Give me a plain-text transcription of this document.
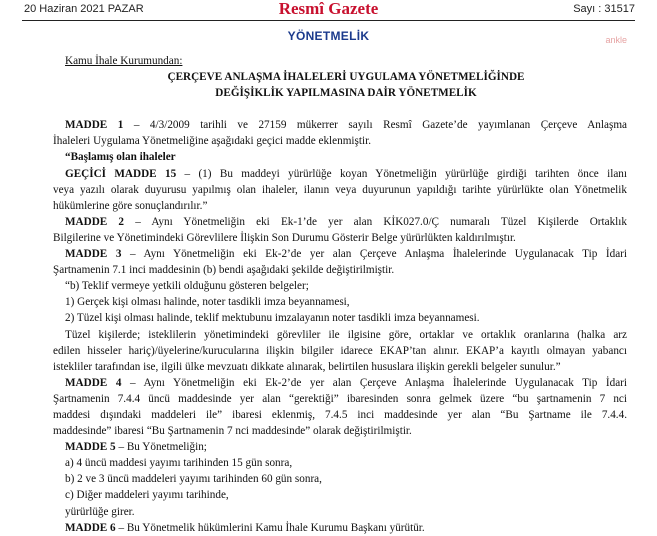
20 Haziran 2021 PAZAR	Resmî Gazete	Sayı : 31517
YÖNETMELİK	ankle

Kamu İhale Kurumundan:

ÇERÇEVE ANLAŞMA İHALELERİ UYGULAMA YÖNETMELİĞİNDE

DEĞİŞİKLİK YAPILMASINA DAİR YÖNETMELİK

MADDE 1 – 4/3/2009 tarihli ve 27159 mükerrer sayılı Resmî Gazete’de yayımlanan Çerçeve Anlaşma

İhaleleri Uygulama Yönetmeliğine aşağıdaki geçici madde eklenmiştir.

“Başlamış olan ihaleler

GEÇİCİ MADDE 15 – (1) Bu maddeyi yürürlüğe koyan Yönetmeliğin yürürlüğe girdiği tarihten önce ilanı

veya yazılı olarak duyurusu yapılmış olan ihaleler, ilanın veya duyurunun yapıldığı tarihte yürürlükte olan Yönetmelik

hükümlerine göre sonuçlandırılır.”

MADDE 2 – Aynı Yönetmeliğin eki Ek-1’de yer alan KİK027.0/Ç numaralı Tüzel Kişilerde Ortaklık

Bilgilerine ve Yönetimindeki Görevlilere İlişkin Son Durumu Gösterir Belge yürürlükten kaldırılmıştır.

MADDE 3 – Aynı Yönetmeliğin eki Ek-2’de yer alan Çerçeve Anlaşma İhalelerinde Uygulanacak Tip İdari

Şartnamenin 7.1 inci maddesinin (b) bendi aşağıdaki şekilde değiştirilmiştir.

“b) Teklif vermeye yetkili olduğunu gösteren belgeler;

1) Gerçek kişi olması halinde, noter tasdikli imza beyannamesi,

2) Tüzel kişi olması halinde, teklif mektubunu imzalayanın noter tasdikli imza beyannamesi.

Tüzel kişilerde; isteklilerin yönetimindeki görevliler ile ilgisine göre, ortaklar ve ortaklık oranlarına (halka arz

edilen hisseler hariç)/üyelerine/kurucularına ilişkin bilgiler idarece EKAP’tan alınır. EKAP’a kayıtlı olmayan yabancı

istekliler tarafından ise, ilgili ülke mevzuatı dikkate alınarak, belirtilen hususlara ilişkin gerekli belgeler sunulur.”

MADDE 4 – Aynı Yönetmeliğin eki Ek-2’de yer alan Çerçeve Anlaşma İhalelerinde Uygulanacak Tip İdari

Şartnamenin 7.4.4 üncü maddesinde yer alan “gerektiği” ibaresinden sonra gelmek üzere “bu şartnamenin 7 nci

maddesi dışındaki maddeleri ile” ibaresi eklenmiş, 7.4.5 inci maddesinde yer alan “Bu Şartname ile 7.4.4.

maddesinde” ibaresi “Bu Şartnamenin 7 nci maddesinde” olarak değiştirilmiştir.

MADDE 5 – Bu Yönetmeliğin;

a) 4 üncü maddesi yayımı tarihinden 15 gün sonra,

b) 2 ve 3 üncü maddeleri yayımı tarihinden 60 gün sonra,

c) Diğer maddeleri yayımı tarihinde,

yürürlüğe girer.

MADDE 6 – Bu Yönetmelik hükümlerini Kamu İhale Kurumu Başkanı yürütür.
